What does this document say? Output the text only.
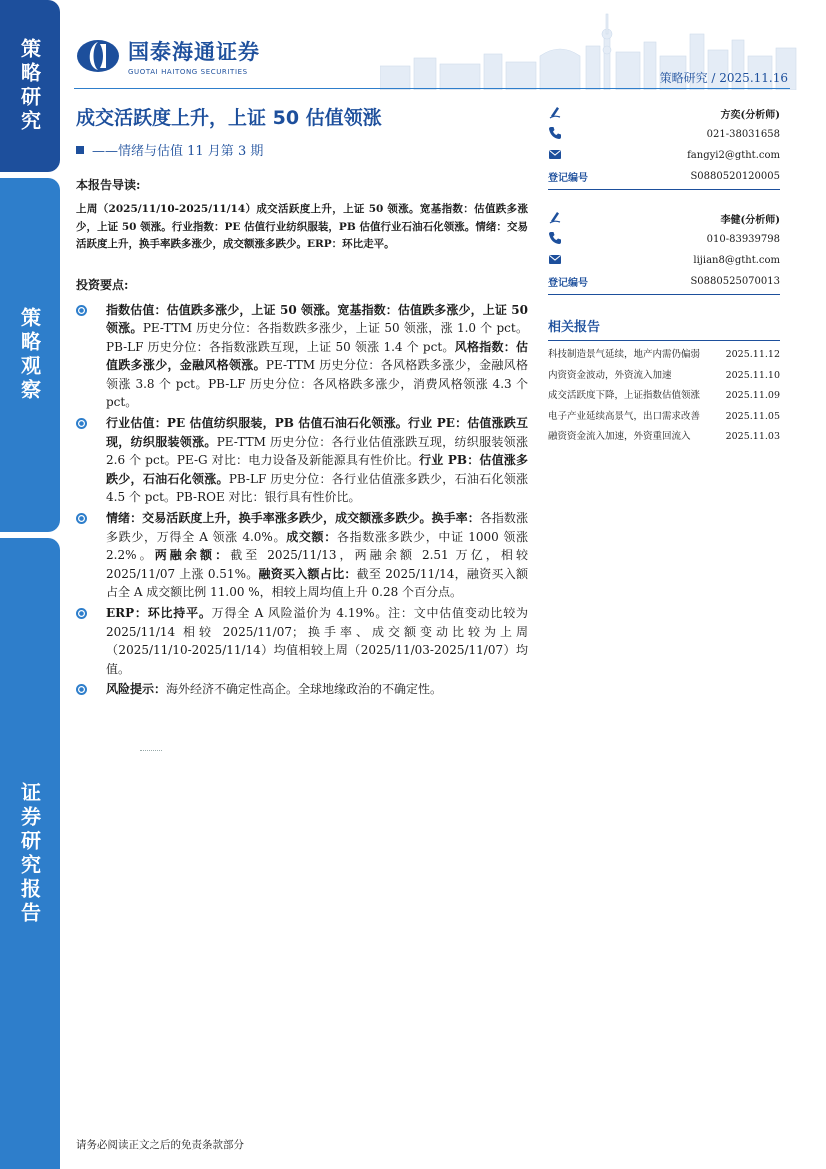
策略研究
策略观察
证券研究报告
国泰海通证券
GUOTAI HAITONG SECURITIES	策略研究 / 2025.11.16
成交活跃度上升，上证 50 估值领涨
——情绪与估值 11 月第 3 期
本报告导读:

上周（2025/11/10-2025/11/14）成交活跃度上升，上证 50 领涨。宽基指数：估值跌多涨少，上证 50 领涨。行业指数：PE 估值行业纺织服装，PB 估值行业石油石化领涨。情绪：交易活跃度上升，换手率跌多涨少，成交额涨多跌少。ERP：环比走平。

投资要点:
指数估值：估值跌多涨少，上证 50 领涨。宽基指数：估值跌多涨少，上证 50 领涨。PE-TTM 历史分位：各指数跌多涨少，上证 50 领涨，涨 1.0 个 pct。PB-LF 历史分位：各指数涨跌互现，上证 50 领涨 1.4 个 pct。风格指数：估值跌多涨少，金融风格领涨。PE-TTM 历史分位：各风格跌多涨少，金融风格领涨 3.8 个 pct。PB-LF 历史分位：各风格跌多涨少，消费风格领涨 4.3 个 pct。
行业估值：PE 估值纺织服装，PB 估值石油石化领涨。行业 PE：估值涨跌互现，纺织服装领涨。PE-TTM 历史分位：各行业估值涨跌互现，纺织服装领涨 2.6 个 pct。PE-G 对比：电力设备及新能源具有性价比。行业 PB：估值涨多跌少，石油石化领涨。PB-LF 历史分位：各行业估值涨多跌少，石油石化领涨 4.5 个 pct。PB-ROE 对比：银行具有性价比。
情绪：交易活跃度上升，换手率涨多跌少，成交额涨多跌少。换手率：各指数涨多跌少，万得全 A 领涨 4.0%。成交额：各指数涨多跌少，中证 1000 领涨 2.2%。两融余额：截至 2025/11/13，两融余额 2.51 万亿，相较 2025/11/07 上涨 0.51%。融资买入额占比：截至 2025/11/14，融资买入额占全 A 成交额比例 11.00 %，相较上周均值上升 0.28 个百分点。
ERP：环比持平。万得全 A 风险溢价为 4.19%。注：文中估值变动比较为 2025/11/14 相较 2025/11/07；换手率、成交额变动比较为上周（2025/11/10-2025/11/14）均值相较上周（2025/11/03-2025/11/07）均值。
风险提示：海外经济不确定性高企。全球地缘政治的不确定性。
方奕(分析师)
021-38031658
fangyi2@gtht.com
登记编号	S0880520120005
李健(分析师)
010-83939798
lijian8@gtht.com
登记编号	S0880525070013
相关报告
科技制造景气延续，地产内需仍偏弱	2025.11.12
内资资金波动，外资流入加速	2025.11.10
成交活跃度下降，上证指数估值领涨	2025.11.09
电子产业延续高景气，出口需求改善	2025.11.05
融资资金流入加速，外资重回流入	2025.11.03
请务必阅读正文之后的免责条款部分
